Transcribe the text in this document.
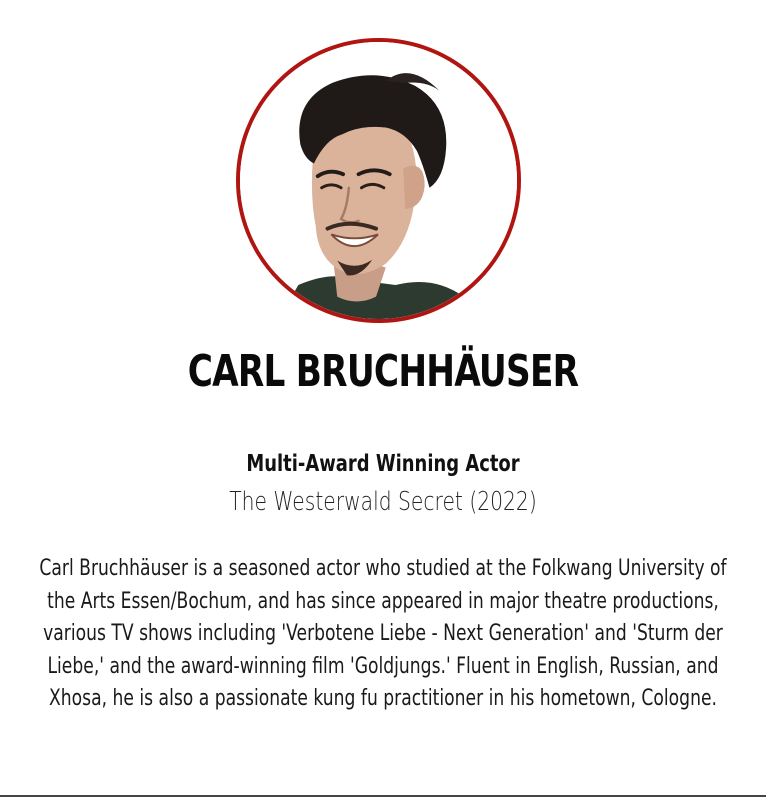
CARL BRUCHHÄUSER
Multi-Award Winning Actor
The Westerwald Secret (2022)
Carl Bruchhäuser is a seasoned actor who studied at the Folkwang University of the Arts Essen/Bochum, and has since appeared in major theatre productions, various TV shows including 'Verbotene Liebe - Next Generation' and 'Sturm der Liebe,' and the award-winning film 'Goldjungs.' Fluent in English, Russian, and Xhosa, he is also a passionate kung fu practitioner in his hometown, Cologne.
